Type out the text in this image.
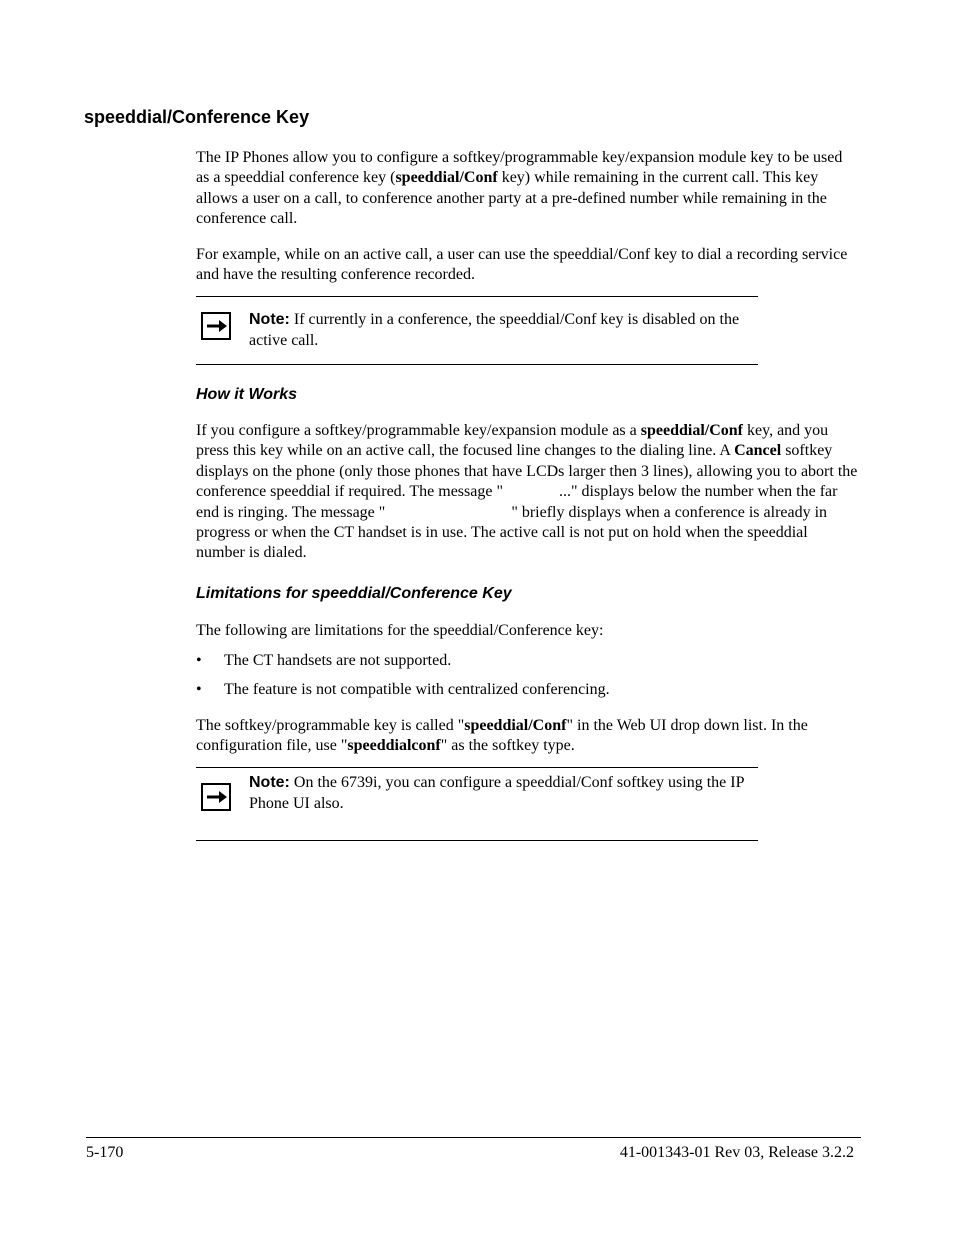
speeddial/Conference Key
The IP Phones allow you to configure a softkey/programmable key/expansion module key to be used as a speeddial conference key (speeddial/Conf key) while remaining in the current call. This key allows a user on a call, to conference another party at a pre-defined number while remaining in the conference call.
For example, while on an active call, a user can use the speeddial/Conf key to dial a recording service and have the resulting conference recorded.
Note: If currently in a conference, the speeddial/Conf key is disabled on the active call.
How it Works
If you configure a softkey/programmable key/expansion module as a speeddial/Conf key, and you press this key while on an active call, the focused line changes to the dialing line. A Cancel softkey displays on the phone (only those phones that have LCDs larger then 3 lines), allowing you to abort the conference speeddial if required. The message "	..." displays below the number when the far end is ringing. The message "	" briefly displays when a conference is already in progress or when the CT handset is in use. The active call is not put on hold when the speeddial number is dialed.
Limitations for speeddial/Conference Key
The following are limitations for the speeddial/Conference key:
• The CT handsets are not supported.
• The feature is not compatible with centralized conferencing.
The softkey/programmable key is called "speeddial/Conf" in the Web UI drop down list. In the configuration file, use "speeddialconf" as the softkey type.
Note: On the 6739i, you can configure a speeddial/Conf softkey using the IP Phone UI also.
5-170	41-001343-01 Rev 03, Release 3.2.2
